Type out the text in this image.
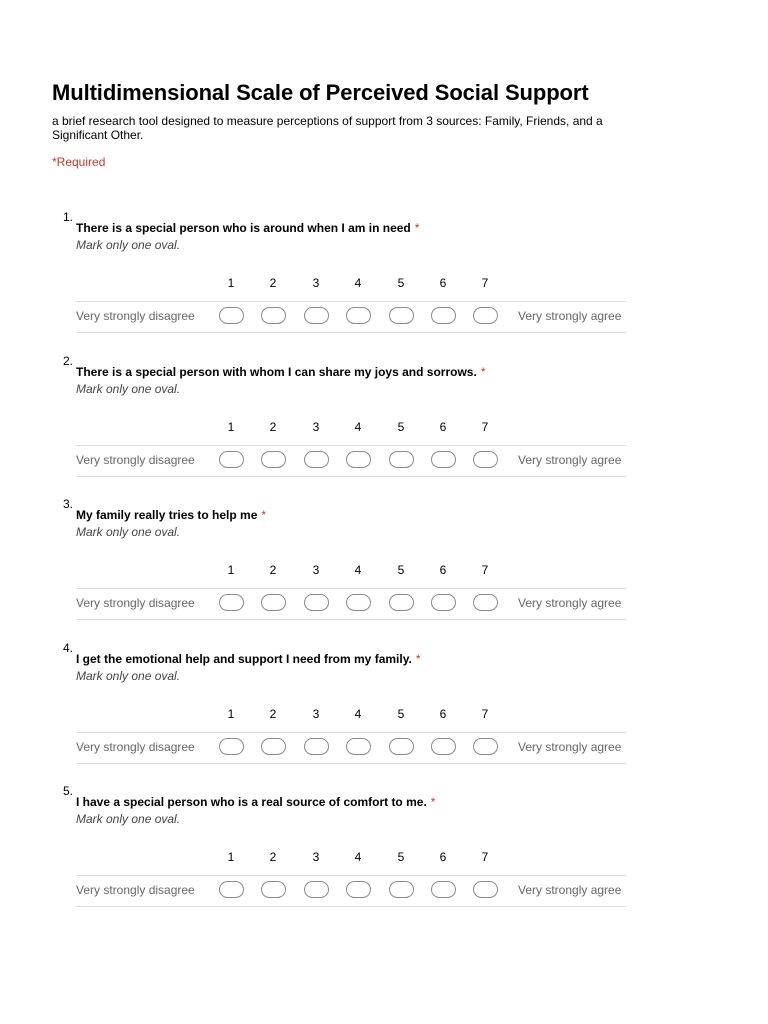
Multidimensional Scale of Perceived Social Support

a brief research tool designed to measure perceptions of support from 3 sources: Family, Friends, and a Significant Other.

*Required
1.
There is a special person who is around when I am in need *
Mark only one oval.
1	2	3	4	5	6	7
Very strongly disagree	Very strongly agree
2.
There is a special person with whom I can share my joys and sorrows. *
Mark only one oval.
1	2	3	4	5	6	7
Very strongly disagree	Very strongly agree
3.
My family really tries to help me *
Mark only one oval.
1	2	3	4	5	6	7
Very strongly disagree	Very strongly agree
4.
I get the emotional help and support I need from my family. *
Mark only one oval.
1	2	3	4	5	6	7
Very strongly disagree	Very strongly agree
5.
I have a special person who is a real source of comfort to me. *
Mark only one oval.
1	2	3	4	5	6	7
Very strongly disagree	Very strongly agree
